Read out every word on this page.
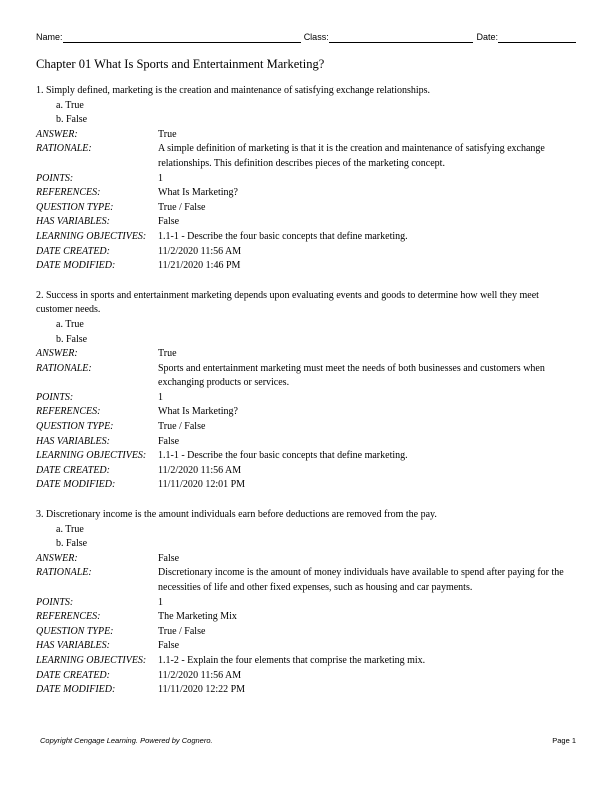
Name:	Class:	Date:
Chapter 01 What Is Sports and Entertainment Marketing?

1. Simply defined, marketing is the creation and maintenance of satisfying exchange relationships.

a. True

b. False

ANSWER:	True
RATIONALE:	A simple definition of marketing is that it is the creation and maintenance of satisfying exchange relationships. This definition describes pieces of the marketing concept.
POINTS:	1
REFERENCES:	What Is Marketing?
QUESTION TYPE:	True / False
HAS VARIABLES:	False
LEARNING OBJECTIVES:	1.1-1 - Describe the four basic concepts that define marketing.
DATE CREATED:	11/2/2020 11:56 AM
DATE MODIFIED:	11/21/2020 1:46 PM

2. Success in sports and entertainment marketing depends upon evaluating events and goods to determine how well they meet customer needs.

a. True

b. False

ANSWER:	True
RATIONALE:	Sports and entertainment marketing must meet the needs of both businesses and customers when exchanging products or services.
POINTS:	1
REFERENCES:	What Is Marketing?
QUESTION TYPE:	True / False
HAS VARIABLES:	False
LEARNING OBJECTIVES:	1.1-1 - Describe the four basic concepts that define marketing.
DATE CREATED:	11/2/2020 11:56 AM
DATE MODIFIED:	11/11/2020 12:01 PM

3. Discretionary income is the amount individuals earn before deductions are removed from the pay.

a. True

b. False

ANSWER:	False
RATIONALE:	Discretionary income is the amount of money individuals have available to spend after paying for the necessities of life and other fixed expenses, such as housing and car payments.
POINTS:	1
REFERENCES:	The Marketing Mix
QUESTION TYPE:	True / False
HAS VARIABLES:	False
LEARNING OBJECTIVES:	1.1-2 - Explain the four elements that comprise the marketing mix.
DATE CREATED:	11/2/2020 11:56 AM
DATE MODIFIED:	11/11/2020 12:22 PM
Copyright Cengage Learning. Powered by Cognero.	Page 1
